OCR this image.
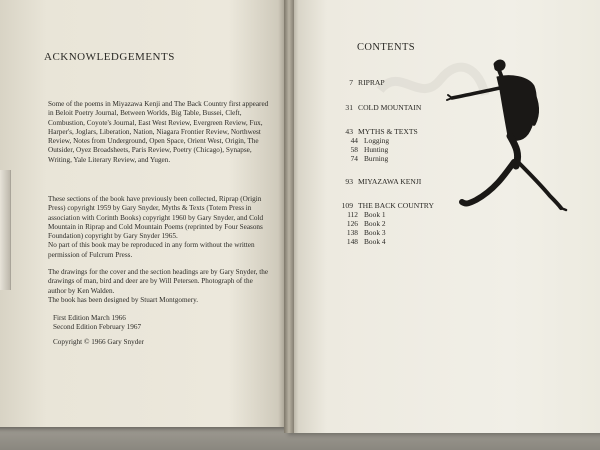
ACKNOWLEDGEMENTS

Some of the poems in Miyazawa Kenji and The Back Country first appeared in Beloit Poetry Journal, Between Worlds, Big Table, Bussei, Cleft, Combustion, Coyote's Journal, East West Review, Evergreen Review, Fux, Harper's, Joglars, Liberation, Nation, Niagara Frontier Review, Northwest Review, Notes from Underground, Open Space, Orient West, Origin, The Outsider, Oyez Broadsheets, Paris Review, Poetry (Chicago), Synapse, Writing, Yale Literary Review, and Yugen.

These sections of the book have previously been collected, Riprap (Origin Press) copyright 1959 by Gary Snyder, Myths & Texts (Totem Press in association with Corinth Books) copyright 1960 by Gary Snyder, and Cold Mountain in Riprap and Cold Mountain Poems (reprinted by Four Seasons Foundation) copyright by Gary Snyder 1965.
No part of this book may be reproduced in any form without the written permission of Fulcrum Press.

The drawings for the cover and the section headings are by Gary Snyder, the drawings of man, bird and deer are by Will Petersen. Photograph of the author by Ken Walden.
The book has been designed by Stuart Montgomery.

First Edition March 1966
Second Edition February 1967

Copyright © 1966 Gary Snyder

CONTENTS
7 RIPRAP
31 COLD MOUNTAIN
43 MYTHS & TEXTS
44 Logging
58 Hunting
74 Burning
93 MIYAZAWA KENJI
109 THE BACK COUNTRY
112 Book 1
126 Book 2
138 Book 3
148 Book 4
